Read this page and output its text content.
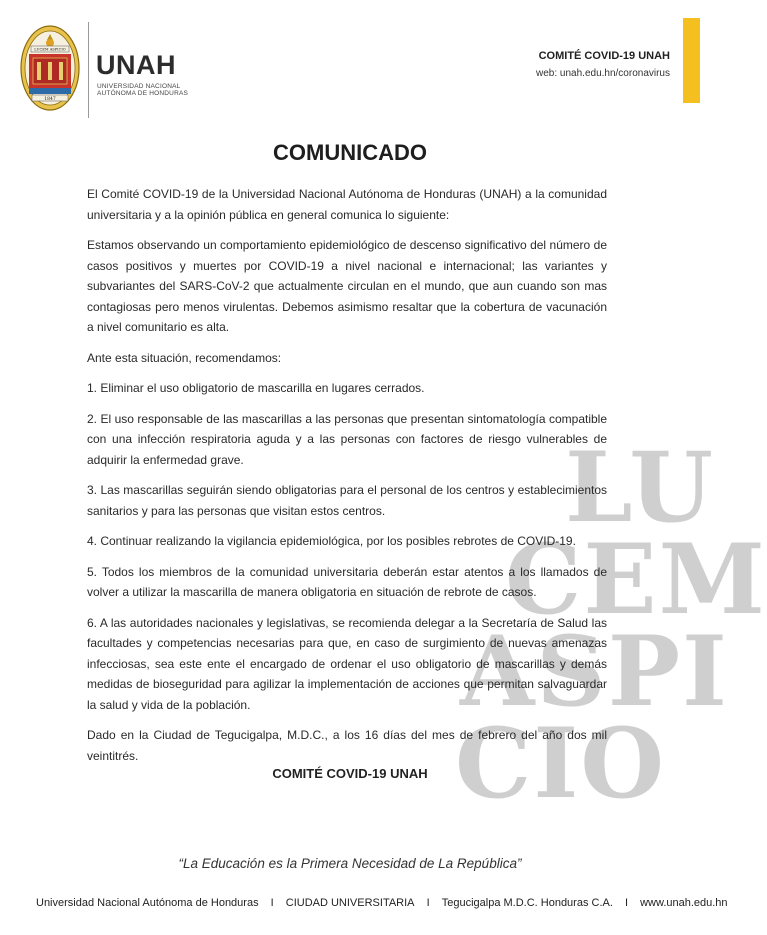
LUCEM ASPICIO
1847
UNAH
UNIVERSIDAD NACIONAL
AUTÓNOMA DE HONDURAS
COMITÉ COVID-19 UNAH
web: unah.edu.hn/coronavirus
LU
CEM
ASPI
CIO
COMUNICADO

El Comité COVID-19 de la Universidad Nacional Autónoma de Honduras (UNAH) a la comunidad universitaria y a la opinión pública en general comunica lo siguiente:

Estamos observando un comportamiento epidemiológico de descenso significativo del número de casos positivos y muertes por COVID-19 a nivel nacional e internacional; las variantes y subvariantes del SARS-CoV-2 que actualmente circulan en el mundo, que aun cuando son mas contagiosas pero menos virulentas. Debemos asimismo resaltar que la cobertura de vacunación a nivel comunitario es alta.

Ante esta situación, recomendamos:

1. Eliminar el uso obligatorio de mascarilla en lugares cerrados.

2. El uso responsable de las mascarillas a las personas que presentan sintomatología compatible con una infección respiratoria aguda y a las personas con factores de riesgo vulnerables de adquirir la enfermedad grave.

3. Las mascarillas seguirán siendo obligatorias para el personal de los centros y establecimientos sanitarios y para las personas que visitan estos centros.

4. Continuar realizando la vigilancia epidemiológica, por los posibles rebrotes de COVID-19.

5. Todos los miembros de la comunidad universitaria deberán estar atentos a los llamados de volver a utilizar la mascarilla de manera obligatoria en situación de rebrote de casos.

6. A las autoridades nacionales y legislativas, se recomienda delegar a la Secretaría de Salud las facultades y competencias necesarias para que, en caso de surgimiento de nuevas amenazas infecciosas, sea este ente el encargado de ordenar el uso obligatorio de mascarillas y demás medidas de bioseguridad para agilizar la implementación de acciones que permitan salvaguardar la salud y vida de la población.

Dado en la Ciudad de Tegucigalpa, M.D.C., a los 16 días del mes de febrero del año dos mil veintitrés.

COMITÉ COVID-19 UNAH
“La Educación es la Primera Necesidad de La República”
Universidad Nacional Autónoma de Honduras I CIUDAD UNIVERSITARIA I Tegucigalpa M.D.C. Honduras C.A. I www.unah.edu.hn
